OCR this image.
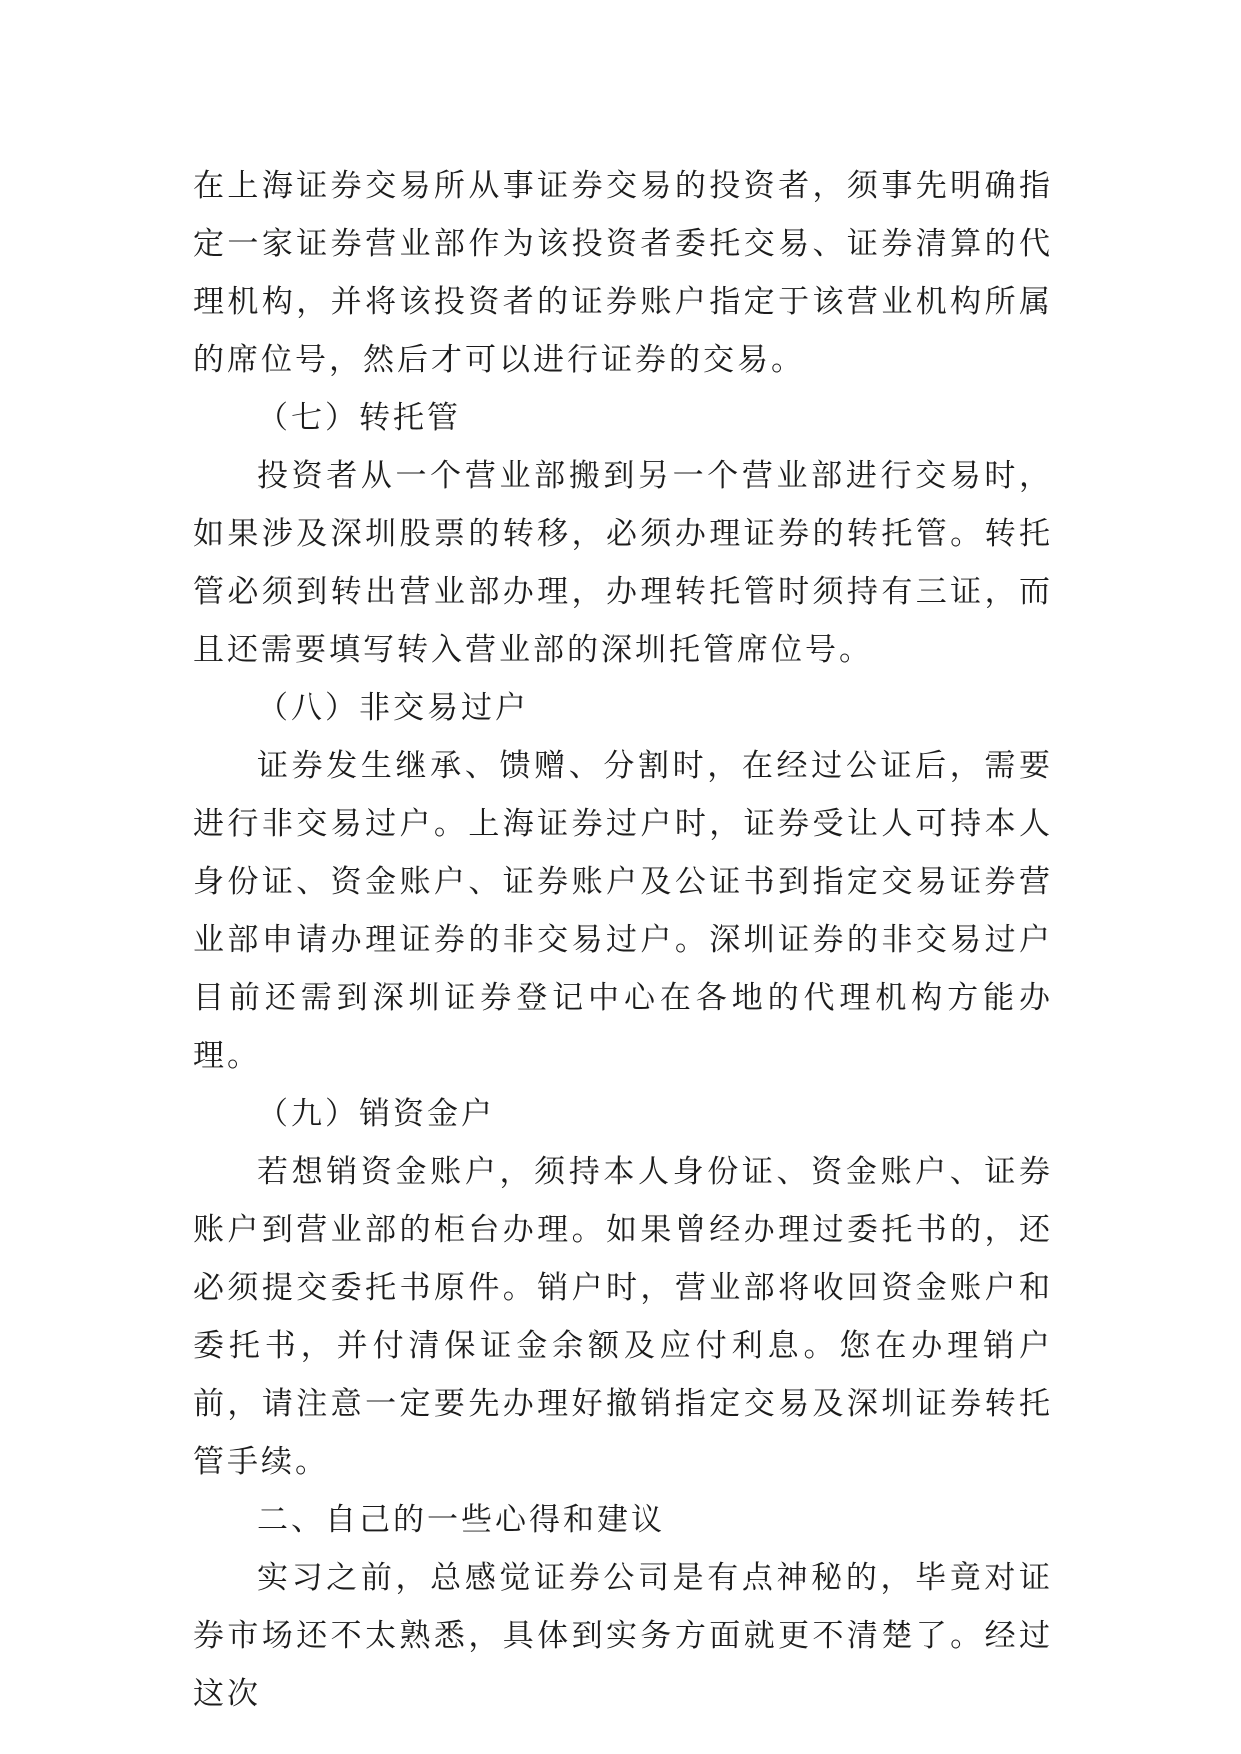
在上海证券交易所从事证券交易的投资者，须事先明确指定一家证券营业部作为该投资者委托交易、证券清算的代理机构，并将该投资者的证券账户指定于该营业机构所属的席位号，然后才可以进行证券的交易。

（七）转托管

投资者从一个营业部搬到另一个营业部进行交易时，如果涉及深圳股票的转移，必须办理证券的转托管。转托管必须到转出营业部办理，办理转托管时须持有三证，而且还需要填写转入营业部的深圳托管席位号。

（八）非交易过户

证券发生继承、馈赠、分割时，在经过公证后，需要进行非交易过户。上海证券过户时，证券受让人可持本人身份证、资金账户、证券账户及公证书到指定交易证券营业部申请办理证券的非交易过户。深圳证券的非交易过户目前还需到深圳证券登记中心在各地的代理机构方能办理。

（九）销资金户

若想销资金账户，须持本人身份证、资金账户、证券账户到营业部的柜台办理。如果曾经办理过委托书的，还必须提交委托书原件。销户时，营业部将收回资金账户和委托书，并付清保证金余额及应付利息。您在办理销户前，请注意一定要先办理好撤销指定交易及深圳证券转托管手续。

二、自己的一些心得和建议

实习之前，总感觉证券公司是有点神秘的，毕竟对证券市场还不太熟悉，具体到实务方面就更不清楚了。经过这次
